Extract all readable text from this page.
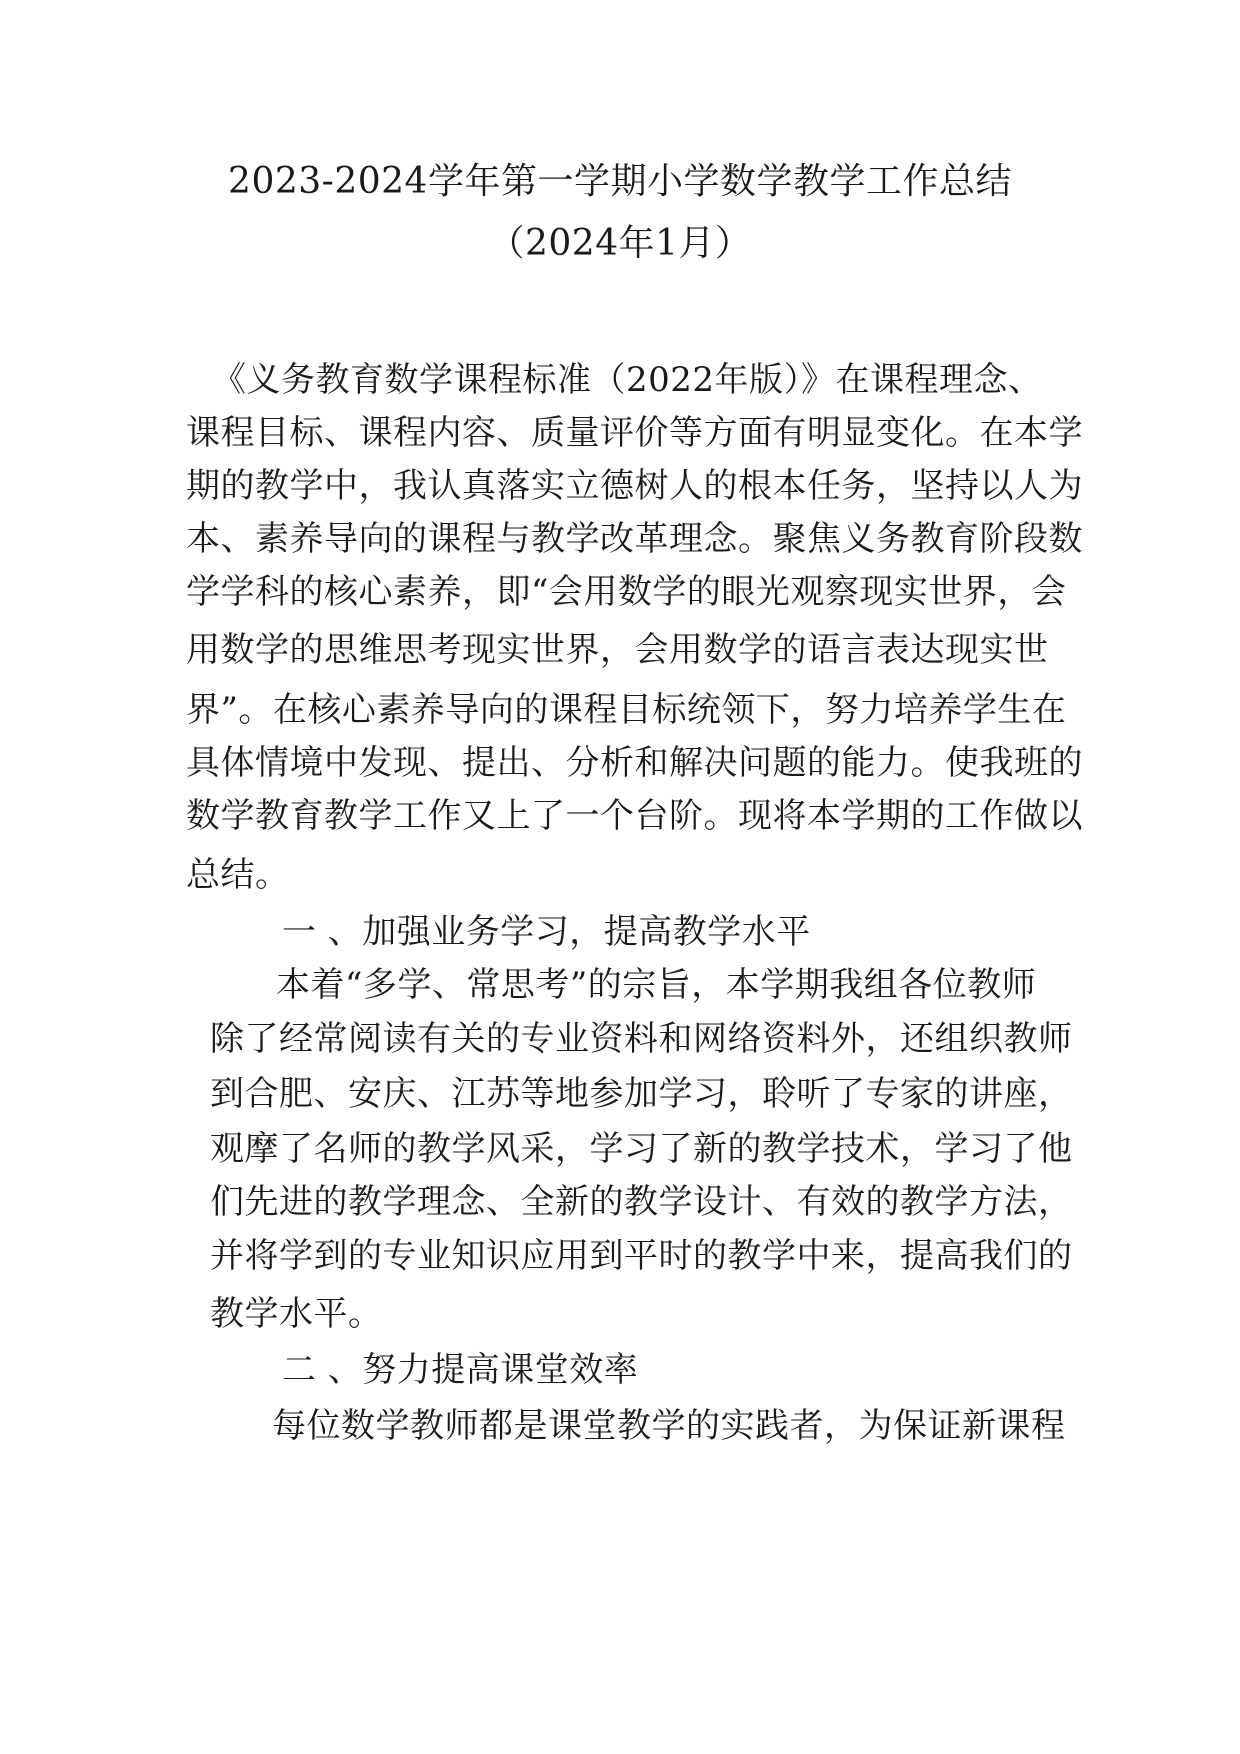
2023-2024学年第一学期小学数学教学工作总结
（2024年1月）
《义务教育数学课程标准（2022年版）》在课程理念、
课程目标、课程内容、质量评价等方面有明显变化。在本学
期的教学中，我认真落实立德树人的根本任务，坚持以人为
本、素养导向的课程与教学改革理念。聚焦义务教育阶段数
学学科的核心素养，即“会用数学的眼光观察现实世界，会
用数学的思维思考现实世界，会用数学的语言表达现实世
界”。在核心素养导向的课程目标统领下，努力培养学生在
具体情境中发现、提出、分析和解决问题的能力。使我班的
数学教育教学工作又上了一个台阶。现将本学期的工作做以
总结。
一 、加强业务学习，提高教学水平
本着“多学、常思考”的宗旨，本学期我组各位教师
除了经常阅读有关的专业资料和网络资料外，还组织教师
到合肥、安庆、江苏等地参加学习，聆听了专家的讲座，
观摩了名师的教学风采，学习了新的教学技术，学习了他
们先进的教学理念、全新的教学设计、有效的教学方法，
并将学到的专业知识应用到平时的教学中来，提高我们的
教学水平。
二 、努力提高课堂效率
每位数学教师都是课堂教学的实践者，为保证新课程
